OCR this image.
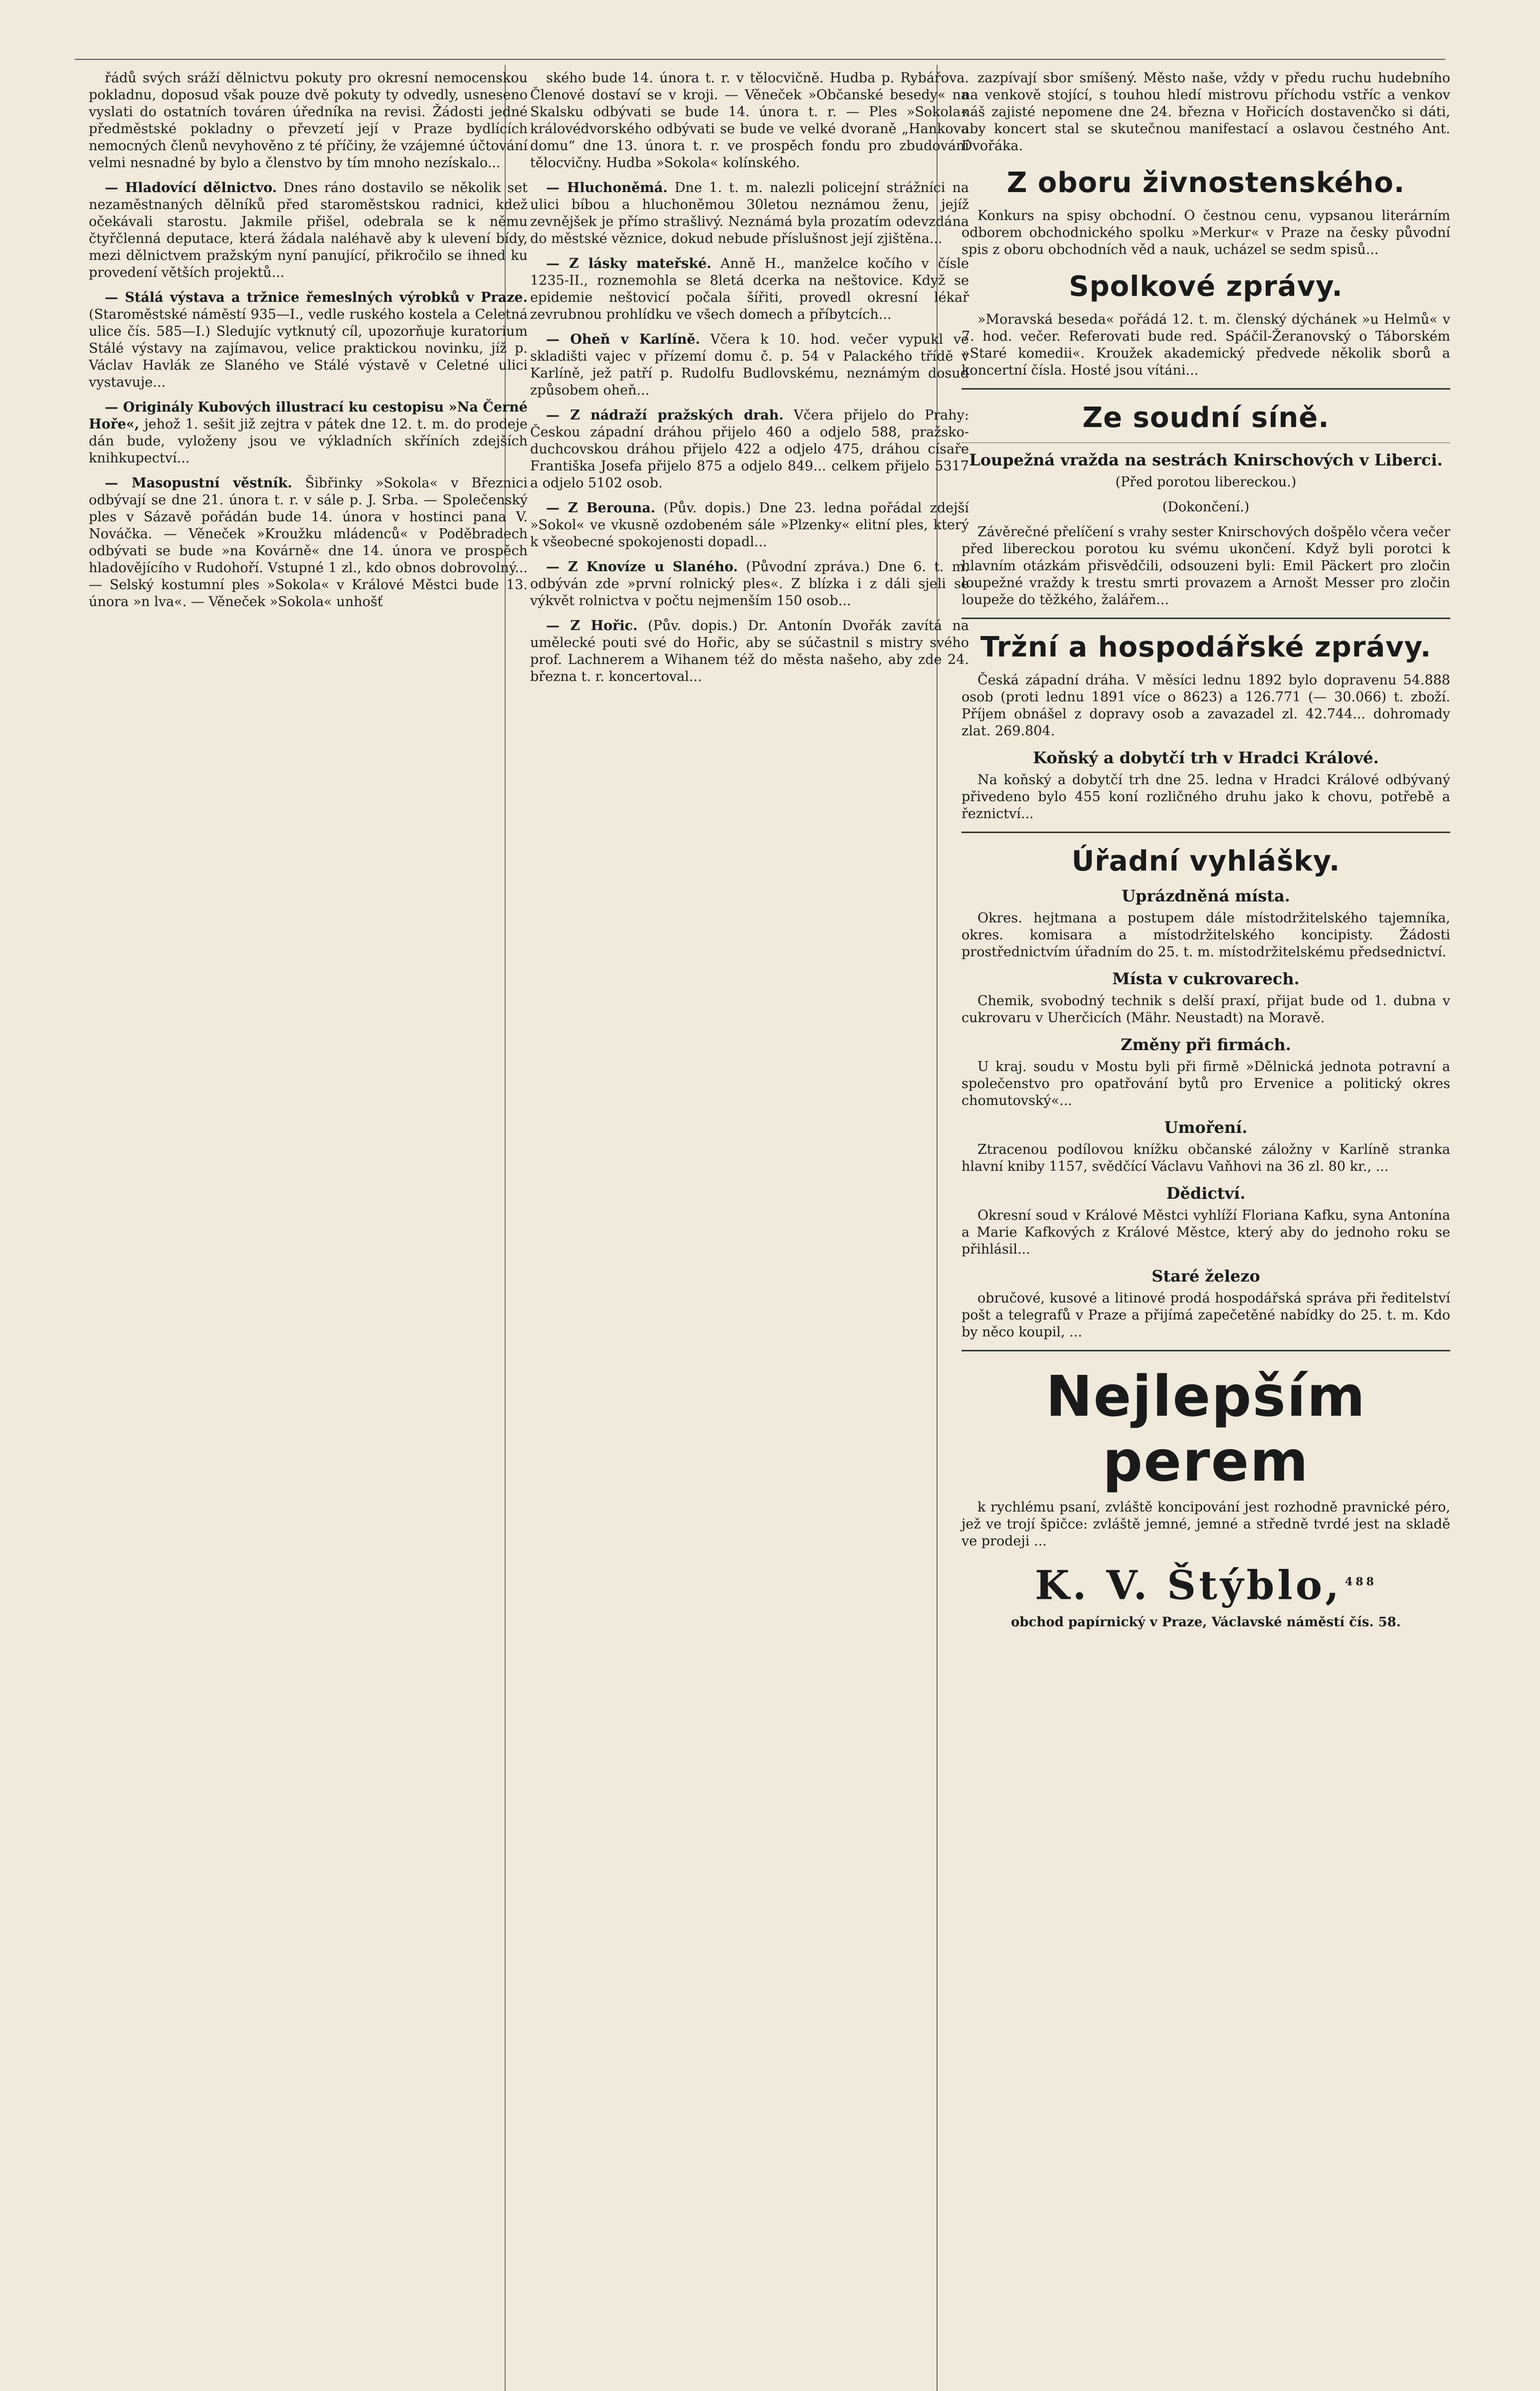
řádů svých sráží dělnictvu pokuty pro okresní nemocenskou pokladnu, doposud však pouze dvě pokuty ty odvedly, usneseno vyslati do ostatních továren úředníka na revisi. Žádosti jedné předměstské pokladny o převzetí její v Praze bydlících nemocných členů nevyhověno z té příčiny, že vzájemné účtování velmi nesnadné by bylo a členstvo by tím mnoho nezískalo...

— Hladovící dělnictvo. Dnes ráno dostavilo se několik set nezaměstnaných dělníků před staroměstskou radnici, kdež očekávali starostu. Jakmile přišel, odebrala se k němu čtyřčlenná deputace, která žádala naléhavě aby k ulevení bídy, mezi dělnictvem pražským nyní panující, přikročilo se ihned ku provedení větších projektů...

— Stálá výstava a tržnice řemeslných výrobků v Praze. (Staroměstské náměstí 935—I., vedle ruského kostela a Celetná ulice čís. 585—I.) Sledujíc vytknutý cíl, upozorňuje kuratorium Stálé výstavy na zajímavou, velice praktickou novinku, jíž p. Václav Havlák ze Slaného ve Stálé výstavě v Celetné ulici vystavuje...

— Originály Kubových illustrací ku cestopisu »Na Černé Hoře«, jehož 1. sešit již zejtra v pátek dne 12. t. m. do prodeje dán bude, vyloženy jsou ve výkladních skříních zdejších knihkupectví...

— Masopustní věstník. Šibřinky »Sokola« v Březnici odbývají se dne 21. února t. r. v sále p. J. Srba. — Společenský ples v Sázavě pořádán bude 14. února v hostinci pana V. Nováčka. — Věneček »Kroužku mládenců« v Poděbradech odbývati se bude »na Kovárně« dne 14. února ve prospěch hladovějícího v Rudohoří. Vstupné 1 zl., kdo obnos dobrovolný... — Selský kostumní ples »Sokola« v Králové Městci bude 13. února »n lva«. — Věneček »Sokola« unhošť

ského bude 14. února t. r. v tělocvičně. Hudba p. Rybářova. Členové dostaví se v kroji. — Věneček »Občanské besedy« na Skalsku odbývati se bude 14. února t. r. — Ples »Sokola« královédvorského odbývati se bude ve velké dvoraně „Hankova domu“ dne 13. února t. r. ve prospěch fondu pro zbudování tělocvičny. Hudba »Sokola« kolínského.

— Hluchoněmá. Dne 1. t. m. nalezli policejní strážníci na ulici bíbou a hluchoněmou 30letou neznámou ženu, jejíž zevnějšek je přímo strašlivý. Neznámá byla prozatím odevzdána do městské věznice, dokud nebude příslušnost její zjištěna...

— Z lásky mateřské. Anně H., manželce kočího v čísle 1235-II., roznemohla se 8letá dcerka na neštovice. Když se epidemie neštovicí počala šířiti, provedl okresní lékař zevrubnou prohlídku ve všech domech a příbytcích...

— Oheň v Karlíně. Včera k 10. hod. večer vypukl ve skladišti vajec v přízemí domu č. p. 54 v Palackého třídě v Karlíně, jež patří p. Rudolfu Budlovskému, neznámým dosud způsobem oheň...

— Z nádraží pražských drah. Včera přijelo do Prahy: Českou západní dráhou přijelo 460 a odjelo 588, pražsko-duchcovskou dráhou přijelo 422 a odjelo 475, dráhou císaře Františka Josefa přijelo 875 a odjelo 849... celkem přijelo 5317 a odjelo 5102 osob.

— Z Berouna. (Pův. dopis.) Dne 23. ledna pořádal zdejší »Sokol« ve vkusně ozdobeném sále »Plzenky« elitní ples, který k všeobecné spokojenosti dopadl...

— Z Knovíze u Slaného. (Původní zpráva.) Dne 6. t. m. odbýván zde »první rolnický ples«. Z blízka i z dáli sjeli se výkvět rolnictva v počtu nejmenším 150 osob...

— Z Hořic. (Pův. dopis.) Dr. Antonín Dvořák zavítá na umělecké pouti své do Hořic, aby se súčastnil s mistry svého prof. Lachnerem a Wihanem též do města našeho, aby zde 24. března t. r. koncertoval...

zazpívají sbor smíšený. Město naše, vždy v předu ruchu hudebního na venkově stojící, s touhou hledí mistrovu příchodu vstříc a venkov náš zajisté nepomene dne 24. března v Hořicích dostavenčko si dáti, aby koncert stal se skutečnou manifestací a oslavou čestného Ant. Dvořáka.

Z oboru živnostenského.

Konkurs na spisy obchodní. O čestnou cenu, vypsanou literárním odborem obchodnického spolku »Merkur« v Praze na česky původní spis z oboru obchodních věd a nauk, ucházel se sedm spisů...

Spolkové zprávy.

»Moravská beseda« pořádá 12. t. m. členský dýchánek »u Helmů« v 7. hod. večer. Referovati bude red. Spáčil-Žeranovský o Táborském »Staré komedii«. Kroužek akademický předvede několik sborů a koncertní čísla. Hosté jsou vítáni...

Ze soudní síně.
Loupežná vražda na sestrách Knirschových v Liberci.

(Před porotou libereckou.)

(Dokončení.)

Závěrečné přelíčení s vrahy sester Knirschových došpělo včera večer před libereckou porotou ku svému ukončení. Když byli porotci k hlavním otázkám přisvědčili, odsouzeni byli: Emil Päckert pro zločin loupežné vraždy k trestu smrti provazem a Arnošt Messer pro zločin loupeže do těžkého, žalářem...

Tržní a hospodářské zprávy.

Česká západní dráha. V měsíci lednu 1892 bylo dopravenu 54.888 osob (proti lednu 1891 více o 8623) a 126.771 (— 30.066) t. zboží. Příjem obnášel z dopravy osob a zavazadel zl. 42.744... dohromady zlat. 269.804.

Koňský a dobytčí trh v Hradci Králové.

Na koňský a dobytčí trh dne 25. ledna v Hradci Králové odbývaný přivedeno bylo 455 koní rozličného druhu jako k chovu, potřebě a řeznictví...

Úřadní vyhlášky.
Uprázdněná místa.

Okres. hejtmana a postupem dále místodržitelského tajemníka, okres. komisara a místodržitelského koncipisty. Žádosti prostřednictvím úřadním do 25. t. m. místodržitelskému předsednictví.

Místa v cukrovarech.

Chemik, svobodný technik s delší praxí, přijat bude od 1. dubna v cukrovaru v Uherčicích (Mähr. Neustadt) na Moravě.

Změny při firmách.

U kraj. soudu v Mostu byli při firmě »Dělnická jednota potravní a společenstvo pro opatřování bytů pro Ervenice a politický okres chomutovský«...

Umoření.

Ztracenou podílovou knížku občanské záložny v Karlíně stranka hlavní kniby 1157, svědčící Václavu Vaňhovi na 36 zl. 80 kr., ...

Dědictví.

Okresní soud v Králové Městci vyhlíží Floriana Kafku, syna Antonína a Marie Kafkových z Králové Městce, který aby do jednoho roku se přihlásil...

Staré železo

obručové, kusové a litinové prodá hospodářská správa při ředitelství pošt a telegrafů v Praze a přijímá zapečetěné nabídky do 25. t. m. Kdo by něco koupil, ...

Nejlepším perem

k rychlému psaní, zvláště koncipování jest rozhodně pravnické péro, jež ve trojí špičce: zvláště jemné, jemné a středně tvrdé jest na skladě ve prodeji ...

K. V. Štýblo, $^{488}$

obchod papírnický v Praze, Václavské náměstí čís. 58.
